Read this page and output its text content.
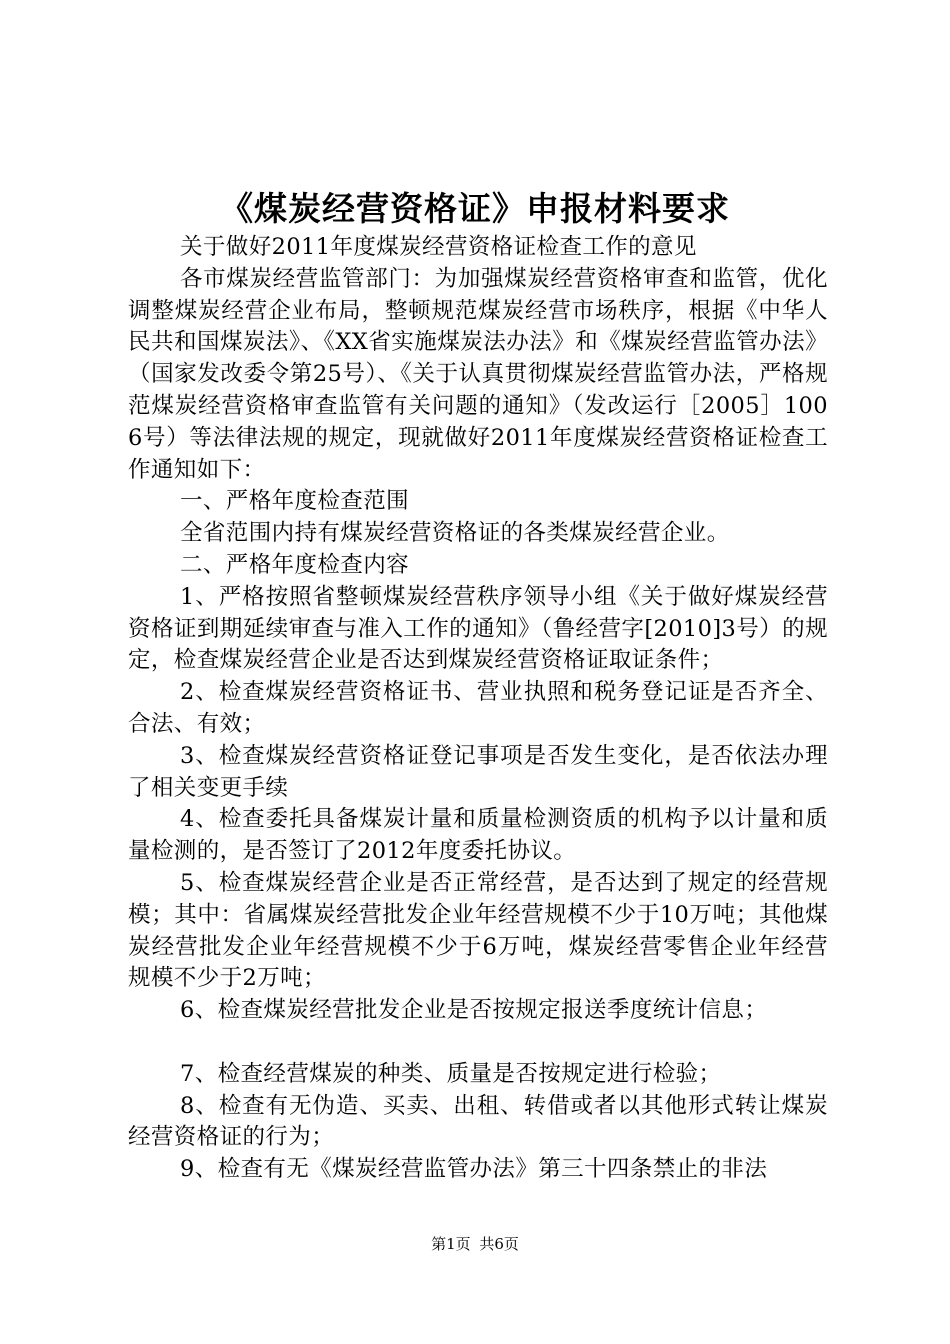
《煤炭经营资格证》申报材料要求

关于做好2011年度煤炭经营资格证检查工作的意见

各市煤炭经营监管部门：为加强煤炭经营资格审查和监管，优化调整煤炭经营企业布局，整顿规范煤炭经营市场秩序，根据《中华人民共和国煤炭法》、《XX省实施煤炭法办法》和《煤炭经营监管办法》（国家发改委令第25号）、《关于认真贯彻煤炭经营监管办法，严格规范煤炭经营资格审查监管有关问题的通知》（发改运行［2005］1006号）等法律法规的规定，现就做好2011年度煤炭经营资格证检查工作通知如下：

一、严格年度检查范围

全省范围内持有煤炭经营资格证的各类煤炭经营企业。

二、严格年度检查内容

1、严格按照省整顿煤炭经营秩序领导小组《关于做好煤炭经营资格证到期延续审查与准入工作的通知》（鲁经营字[2010]3号）的规定，检查煤炭经营企业是否达到煤炭经营资格证取证条件；

2、检查煤炭经营资格证书、营业执照和税务登记证是否齐全、合法、有效；

3、检查煤炭经营资格证登记事项是否发生变化，是否依法办理了相关变更手续

4、检查委托具备煤炭计量和质量检测资质的机构予以计量和质量检测的，是否签订了2012年度委托协议。

5、检查煤炭经营企业是否正常经营，是否达到了规定的经营规模；其中：省属煤炭经营批发企业年经营规模不少于10万吨；其他煤炭经营批发企业年经营规模不少于6万吨，煤炭经营零售企业年经营规模不少于2万吨；

6、检查煤炭经营批发企业是否按规定报送季度统计信息；

7、检查经营煤炭的种类、质量是否按规定进行检验；

8、检查有无伪造、买卖、出租、转借或者以其他形式转让煤炭经营资格证的行为；

9、检查有无《煤炭经营监管办法》第三十四条禁止的非法

第1页 共6页
